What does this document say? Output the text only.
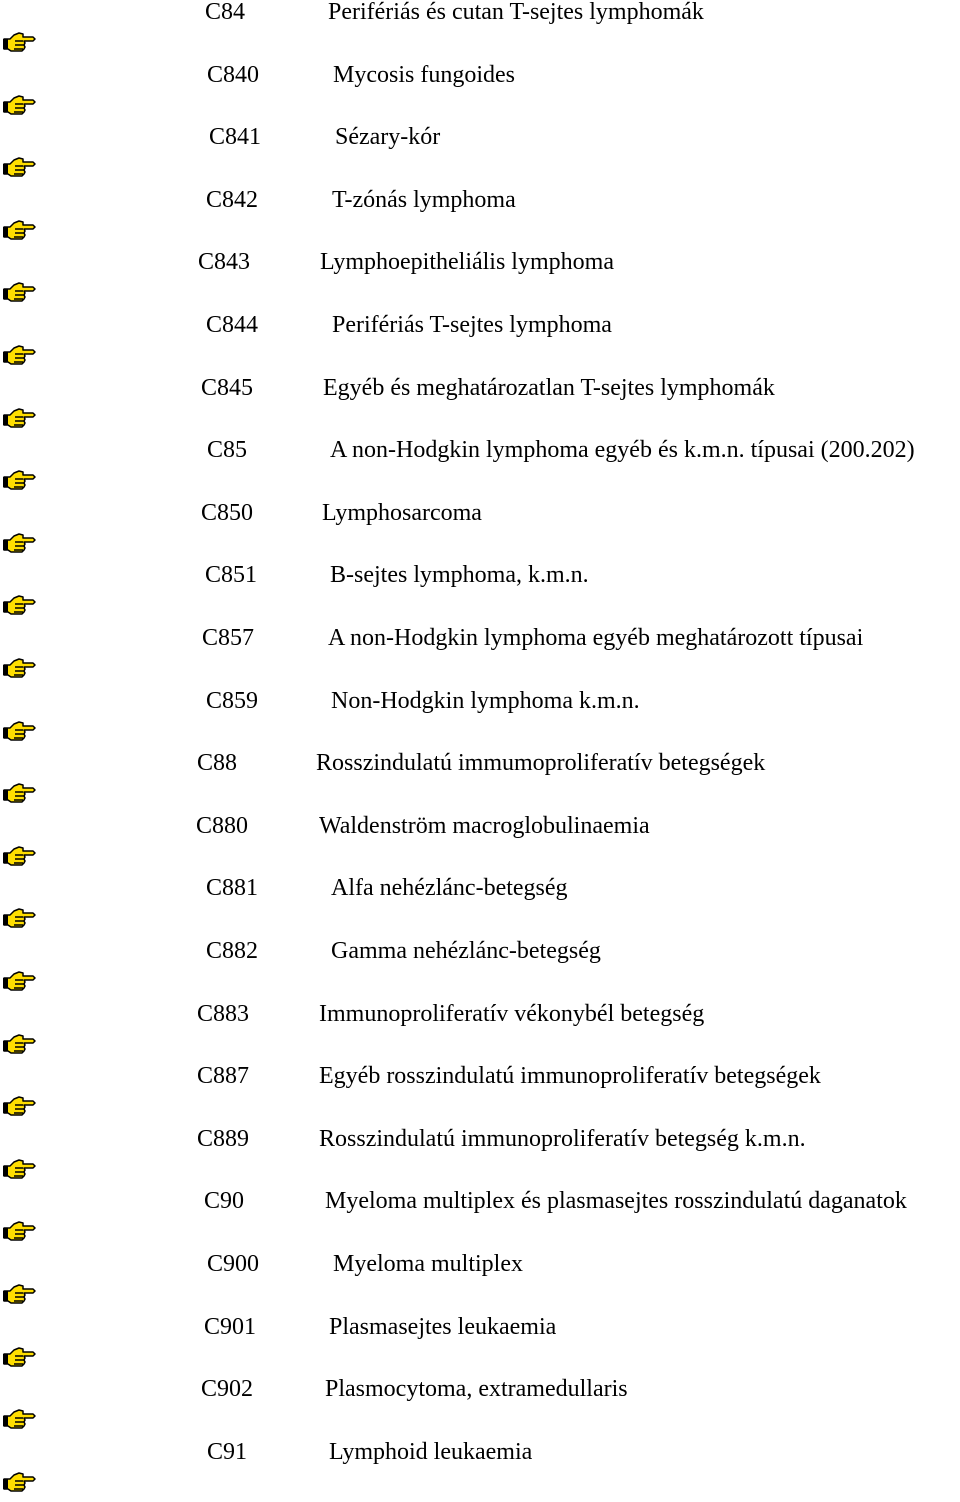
C84	Perifériás és cutan T-sejtes lymphomák
C840	Mycosis fungoides
C841	Sézary-kór
C842	T-zónás lymphoma
C843	Lymphoepitheliális lymphoma
C844	Perifériás T-sejtes lymphoma
C845	Egyéb és meghatározatlan T-sejtes lymphomák
C85	A non-Hodgkin lymphoma egyéb és k.m.n. típusai (200.202)
C850	Lymphosarcoma
C851	B-sejtes lymphoma, k.m.n.
C857	A non-Hodgkin lymphoma egyéb meghatározott típusai
C859	Non-Hodgkin lymphoma k.m.n.
C88	Rosszindulatú immumoproliferatív betegségek
C880	Waldenström macroglobulinaemia
C881	Alfa nehézlánc-betegség
C882	Gamma nehézlánc-betegség
C883	Immunoproliferatív vékonybél betegség
C887	Egyéb rosszindulatú immunoproliferatív betegségek
C889	Rosszindulatú immunoproliferatív betegség k.m.n.
C90	Myeloma multiplex és plasmasejtes rosszindulatú daganatok
C900	Myeloma multiplex
C901	Plasmasejtes leukaemia
C902	Plasmocytoma, extramedullaris
C91	Lymphoid leukaemia
